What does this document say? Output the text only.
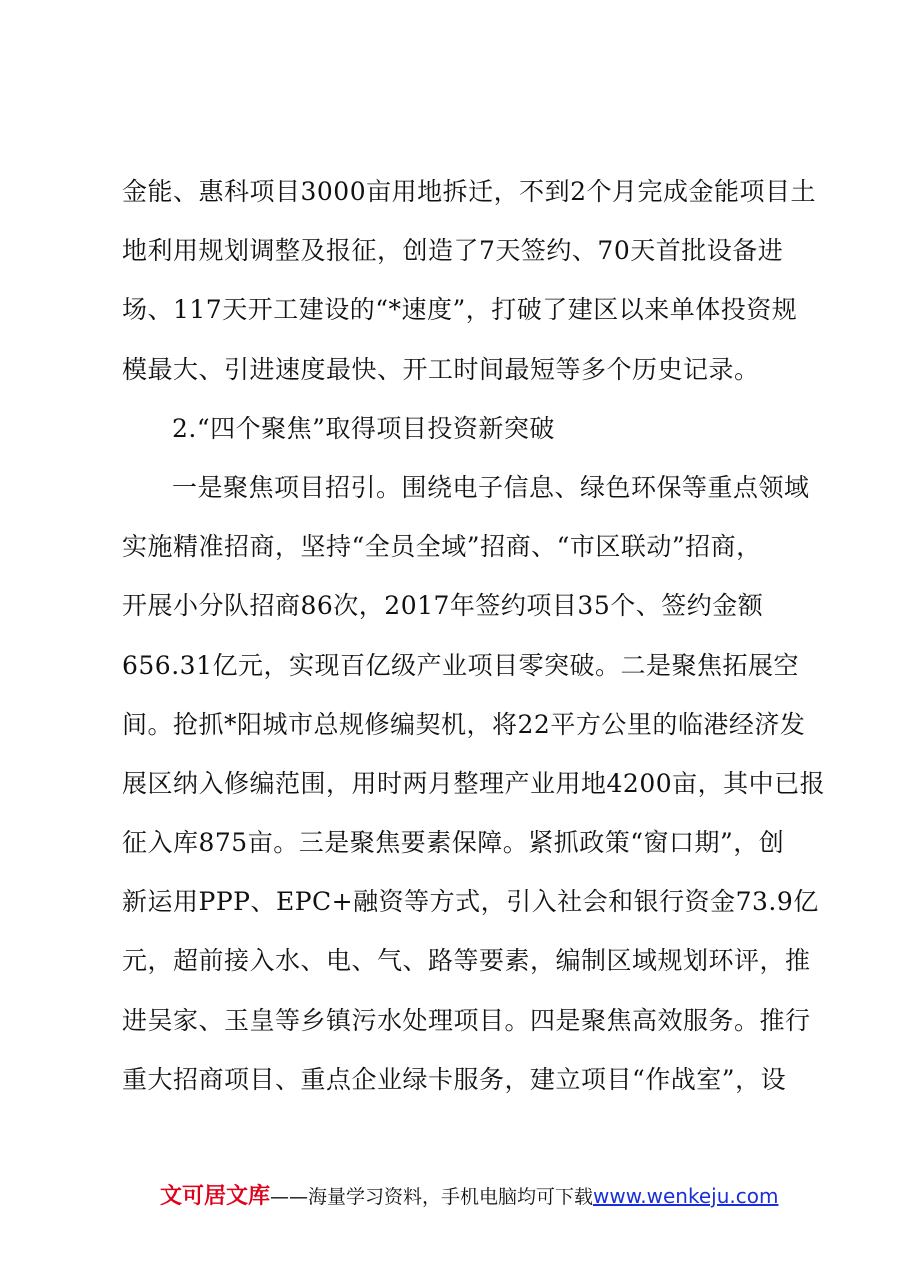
金能、惠科项目3000亩用地拆迁，不到2个月完成金能项目土
地利用规划调整及报征，创造了7天签约、70天首批设备进
场、117天开工建设的“*速度”，打破了建区以来单体投资规
模最大、引进速度最快、开工时间最短等多个历史记录。
2.“四个聚焦”取得项目投资新突破
一是聚焦项目招引。围绕电子信息、绿色环保等重点领域
实施精准招商，坚持“全员全域”招商、“市区联动”招商，
开展小分队招商86次，2017年签约项目35个、签约金额
656.31亿元，实现百亿级产业项目零突破。二是聚焦拓展空
间。抢抓*阳城市总规修编契机，将22平方公里的临港经济发
展区纳入修编范围，用时两月整理产业用地4200亩，其中已报
征入库875亩。三是聚焦要素保障。紧抓政策“窗口期”，创
新运用PPP、EPC+融资等方式，引入社会和银行资金73.9亿
元，超前接入水、电、气、路等要素，编制区域规划环评，推
进吴家、玉皇等乡镇污水处理项目。四是聚焦高效服务。推行
重大招商项目、重点企业绿卡服务，建立项目“作战室”，设
文可居文库——海量学习资料，手机电脑均可下载www.wenkeju.com
